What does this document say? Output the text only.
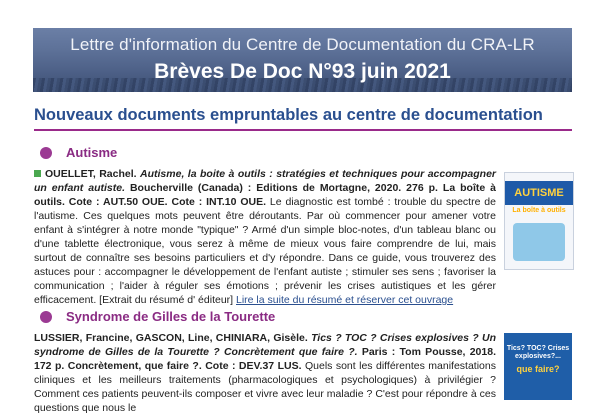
Lettre d'information du Centre de Documentation du CRA-LR
Brèves De Doc N°93 juin 2021
Nouveaux documents empruntables au centre de documentation
Autisme
OUELLET, Rachel. Autisme, la boite à outils : stratégies et techniques pour accompagner un enfant autiste. Boucherville (Canada) : Editions de Mortagne, 2020. 276 p. La boîte à outils. Cote : AUT.50 OUE. Cote : INT.10 OUE. Le diagnostic est tombé : trouble du spectre de l'autisme. Ces quelques mots peuvent être déroutants. Par où commencer pour amener votre enfant à s'intégrer à notre monde "typique" ? Armé d'un simple bloc-notes, d'un tableau blanc ou d'une tablette électronique, vous serez à même de mieux vous faire comprendre de lui, mais surtout de connaître ses besoins particuliers et d'y répondre. Dans ce guide, vous trouverez des astuces pour : accompagner le développement de l'enfant autiste ; stimuler ses sens ; favoriser la communication ; l'aider à réguler ses émotions ; prévenir les crises autistiques et les gérer efficacement. [Extrait du résumé d' éditeur] Lire la suite du résumé et réserver cet ouvrage
AUTISME
La boîte à outils
Syndrome de Gilles de la Tourette
LUSSIER, Francine, GASCON, Line, CHINIARA, Gisèle. Tics ? TOC ? Crises explosives ? Un syndrome de Gilles de la Tourette ? Concrètement que faire ?. Paris : Tom Pousse, 2018. 172 p. Concrètement, que faire ?. Cote : DEV.37 LUS. Quels sont les différentes manifestations cliniques et les meilleurs traitements (pharmacologiques et psychologiques) à privilégier ? Comment ces patients peuvent-ils composer et vivre avec leur maladie ? C'est pour répondre à ces questions que nous le
Tics? TOC? Crises explosives?...
que faire?
